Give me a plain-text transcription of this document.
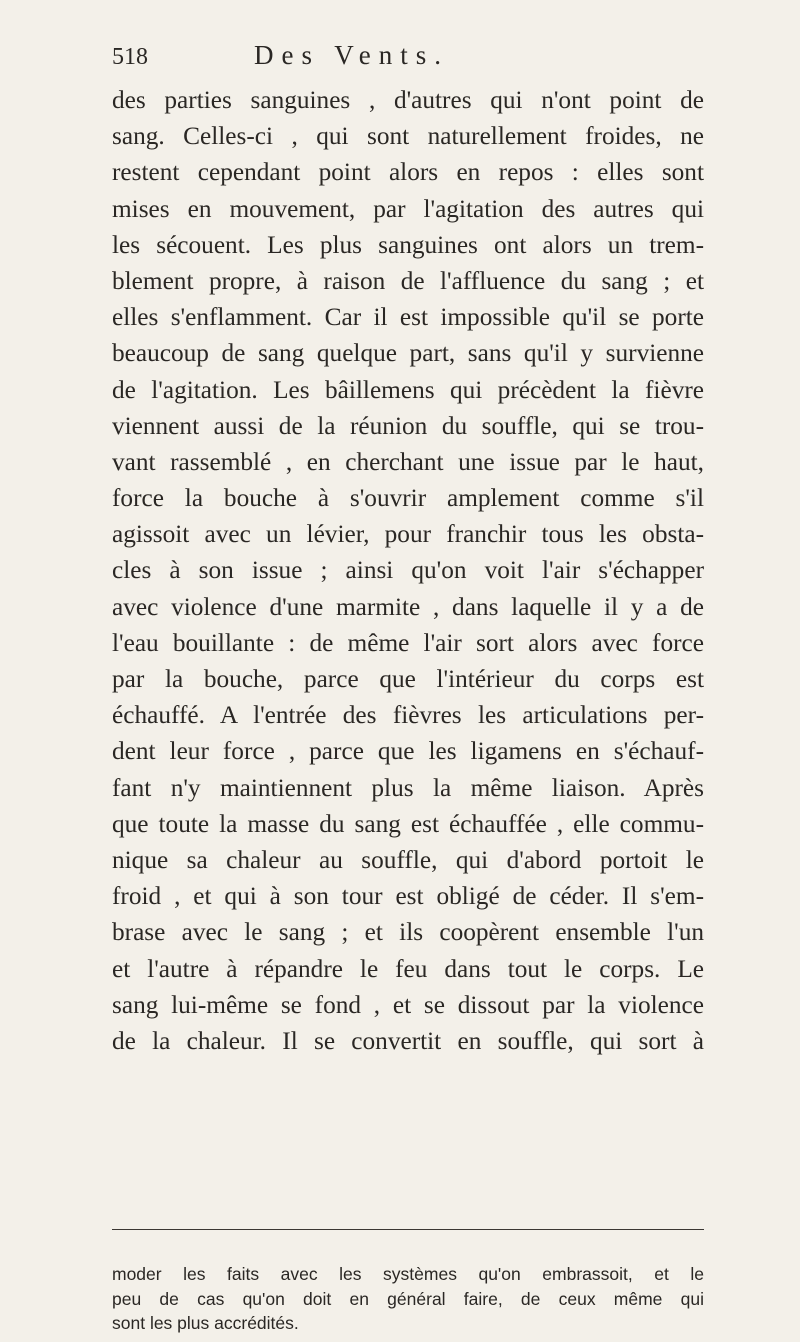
518	Des Vents.
des parties sanguines , d'autres qui n'ont point de
sang. Celles-ci , qui sont naturellement froides, ne
restent cependant point alors en repos : elles sont
mises en mouvement, par l'agitation des autres qui
les sécouent. Les plus sanguines ont alors un trem-
blement propre, à raison de l'affluence du sang ; et
elles s'enflamment. Car il est impossible qu'il se porte
beaucoup de sang quelque part, sans qu'il y survienne
de l'agitation. Les bâillemens qui précèdent la fièvre
viennent aussi de la réunion du souffle, qui se trou-
vant rassemblé , en cherchant une issue par le haut,
force la bouche à s'ouvrir amplement comme s'il
agissoit avec un lévier, pour franchir tous les obsta-
cles à son issue ; ainsi qu'on voit l'air s'échapper
avec violence d'une marmite , dans laquelle il y a de
l'eau bouillante : de même l'air sort alors avec force
par la bouche, parce que l'intérieur du corps est
échauffé. A l'entrée des fièvres les articulations per-
dent leur force , parce que les ligamens en s'échauf-
fant n'y maintiennent plus la même liaison. Après
que toute la masse du sang est échauffée , elle commu-
nique sa chaleur au souffle, qui d'abord portoit le
froid , et qui à son tour est obligé de céder. Il s'em-
brase avec le sang ; et ils coopèrent ensemble l'un
et l'autre à répandre le feu dans tout le corps. Le
sang lui-même se fond , et se dissout par la violence
de la chaleur. Il se convertit en souffle, qui sort à
moder les faits avec les systèmes qu'on embrassoit, et le
peu de cas qu'on doit en général faire, de ceux même qui
sont les plus accrédités.
